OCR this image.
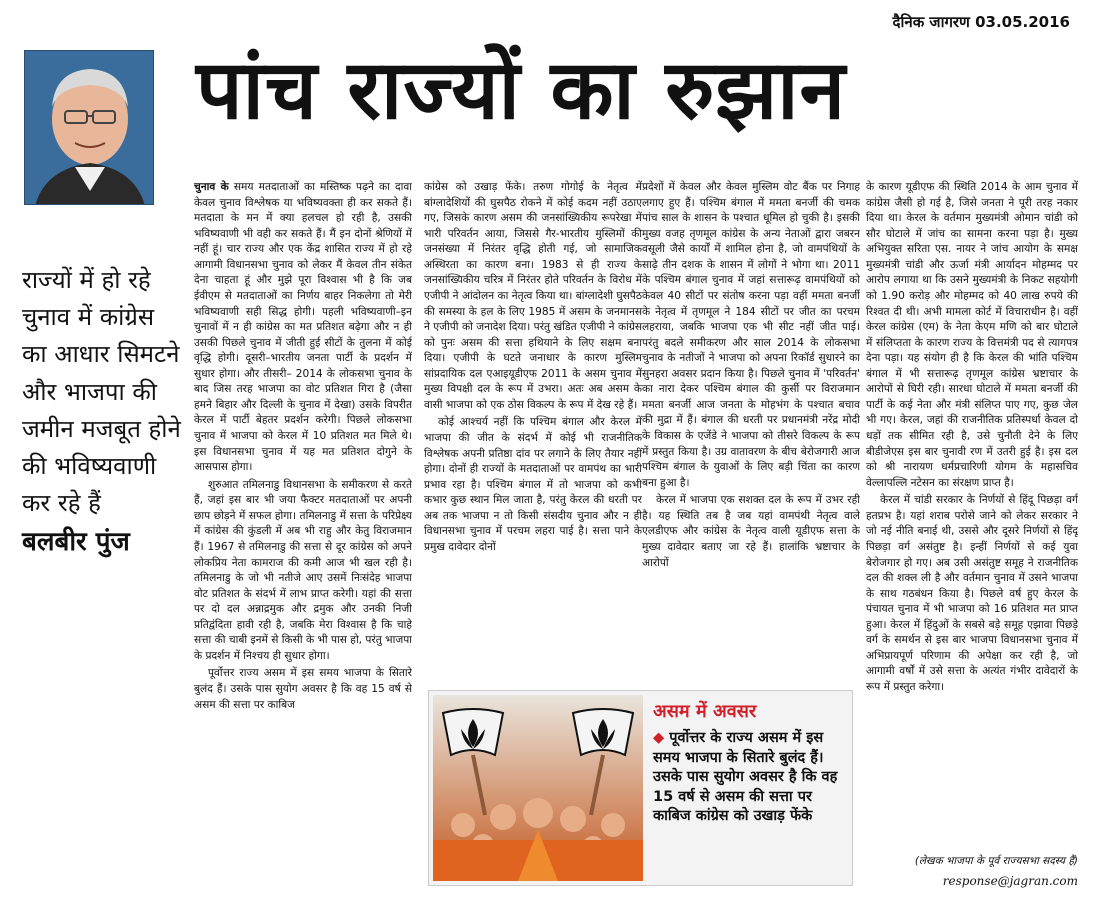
दैनिक जागरण 03.05.2016
पांच राज्यों का रुझान
राज्यों में हो रहे चुनाव में कांग्रेस का आधार सिमटने और भाजपा की जमीन मजबूत होने की भविष्यवाणी कर रहे हैं
बलबीर पुंज

चुनाव के समय मतदाताओं का मस्तिष्क पढ़ने का दावा केवल चुनाव विश्लेषक या भविष्यवक्ता ही कर सकते हैं। मतदाता के मन में क्या हलचल हो रही है, उसकी भविष्यवाणी भी वही कर सकते हैं। मैं इन दोनों श्रेणियों में नहीं हूं। चार राज्य और एक केंद्र शासित राज्य में हो रहे आगामी विधानसभा चुनाव को लेकर मैं केवल तीन संकेत देना चाहता हूं और मुझे पूरा विश्वास भी है कि जब ईवीएम से मतदाताओं का निर्णय बाहर निकलेगा तो मेरी भविष्यवाणी सही सिद्ध होगी। पहली भविष्यवाणी–इन चुनावों में न ही कांग्रेस का मत प्रतिशत बढ़ेगा और न ही उसकी पिछले चुनाव में जीती हुई सीटों के तुलना में कोई वृद्धि होगी। दूसरी–भारतीय जनता पार्टी के प्रदर्शन में सुधार होगा। और तीसरी– 2014 के लोकसभा चुनाव के बाद जिस तरह भाजपा का वोट प्रतिशत गिरा है (जैसा हमने बिहार और दिल्ली के चुनाव में देखा) उसके विपरीत केरल में पार्टी बेहतर प्रदर्शन करेगी। पिछले लोकसभा चुनाव में भाजपा को केरल में 10 प्रतिशत मत मिले थे। इस विधानसभा चुनाव में यह मत प्रतिशत दोगुने के आसपास होगा।

शुरुआत तमिलनाडु विधानसभा के समीकरण से करते हैं, जहां इस बार भी जया फैक्टर मतदाताओं पर अपनी छाप छोड़ने में सफल होगा। तमिलनाडु में सत्ता के परिप्रेक्ष्य में कांग्रेस की कुंडली में अब भी राहु और केतु विराजमान हैं। 1967 से तमिलनाडु की सत्ता से दूर कांग्रेस को अपने लोकप्रिय नेता कामराज की कमी आज भी खल रही है। तमिलनाडु के जो भी नतीजे आए उसमें निःसंदेह भाजपा वोट प्रतिशत के संदर्भ में लाभ प्राप्त करेगी। यहां की सत्ता पर दो दल अन्नाद्रमुक और द्रमुक और उनकी निजी प्रतिद्वंदिता हावी रही है, जबकि मेरा विश्वास है कि चाहे सत्ता की चाबी इनमें से किसी के भी पास हो, परंतु भाजपा के प्रदर्शन में निश्चय ही सुधार होगा।

पूर्वोत्तर राज्य असम में इस समय भाजपा के सितारे बुलंद हैं। उसके पास सुयोग अवसर है कि वह 15 वर्ष से असम की सत्ता पर काबिज

कांग्रेस को उखाड़ फेंके। तरुण गोगोई के नेतृत्व में बांग्लादेशियों की घुसपैठ रोकने में कोई कदम नहीं उठाए गए, जिसके कारण असम की जनसांख्यिकीय रूपरेखा में भारी परिवर्तन आया, जिससे गैर-भारतीय मुस्लिमों की जनसंख्या में निरंतर वृद्धि होती गई, जो सामाजिक अस्थिरता का कारण बना। 1983 से ही राज्य के जनसांख्यिकीय चरित्र में निरंतर होते परिवर्तन के विरोध में एजीपी ने आंदोलन का नेतृत्व किया था। बांग्लादेशी घुसपैठ की समस्या के हल के लिए 1985 में असम के जनमानस ने एजीपी को जनादेश दिया। परंतु खंडित एजीपी ने कांग्रेस को पुनः असम की सत्ता हथियाने के लिए सक्षम बना दिया। एजीपी के घटते जनाधार के कारण मुस्लिम सांप्रदायिक दल एआइयूडीएफ 2011 के असम चुनाव में मुख्य विपक्षी दल के रूप में उभरा। अतः अब असम के वासी भाजपा को एक ठोस विकल्प के रूप में देख रहे हैं।

कोई आश्चर्य नहीं कि पश्चिम बंगाल और केरल में भाजपा की जीत के संदर्भ में कोई भी राजनीतिक विश्लेषक अपनी प्रतिष्ठा दांव पर लगाने के लिए तैयार नहीं होगा। दोनों ही राज्यों के मतदाताओं पर वामपंथ का भारी प्रभाव रहा है। पश्चिम बंगाल में तो भाजपा को कभी कभार कुछ स्थान मिल जाता है, परंतु केरल की धरती पर अब तक भाजपा न तो किसी संसदीय चुनाव और न ही विधानसभा चुनाव में परचम लहरा पाई है। सत्ता पाने के प्रमुख दावेदार दोनों

प्रदेशों में केवल और केवल मुस्लिम वोट बैंक पर निगाह लगाए हुए हैं। पश्चिम बंगाल में ममता बनर्जी की चमक पांच साल के शासन के पश्चात धूमिल हो चुकी है। इसकी मुख्य वजह तृणमूल कांग्रेस के अन्य नेताओं द्वारा जबरन वसूली जैसे कार्यों में शामिल होना है, जो वामपंथियों के साढ़े तीन दशक के शासन में लोगों ने भोगा था। 2011 के पश्चिम बंगाल चुनाव में जहां सत्तारूढ़ वामपंथियों को केवल 40 सीटों पर संतोष करना पड़ा वहीं ममता बनर्जी के नेतृत्व में तृणमूल ने 184 सीटों पर जीत का परचम लहराया, जबकि भाजपा एक भी सीट नहीं जीत पाई। परंतु बदले समीकरण और साल 2014 के लोकसभा चुनाव के नतीजों ने भाजपा को अपना रिकॉर्ड सुधारने का सुनहरा अवसर प्रदान किया है। पिछले चुनाव में 'परिवर्तन' का नारा देकर पश्चिम बंगाल की कुर्सी पर विराजमान ममता बनर्जी आज जनता के मोहभंग के पश्चात बचाव की मुद्रा में हैं। बंगाल की धरती पर प्रधानमंत्री नरेंद्र मोदी के विकास के एजेंडे ने भाजपा को तीसरे विकल्प के रूप में प्रस्तुत किया है। उग्र वातावरण के बीच बेरोजगारी आज पश्चिम बंगाल के युवाओं के लिए बड़ी चिंता का कारण बना हुआ है।

केरल में भाजपा एक सशक्त दल के रूप में उभर रही है। यह स्थिति तब है जब यहां वामपंथी नेतृत्व वाले एलडीएफ और कांग्रेस के नेतृत्व वाली यूडीएफ सत्ता के मुख्य दावेदार बताए जा रहे हैं। हालांकि भ्रष्टाचार के आरोपों

के कारण यूडीएफ की स्थिति 2014 के आम चुनाव में कांग्रेस जैसी हो गई है, जिसे जनता ने पूरी तरह नकार दिया था। केरल के वर्तमान मुख्यमंत्री ओमान चांडी को सौर घोटाले में जांच का सामना करना पड़ा है। मुख्य अभियुक्त सरिता एस. नायर ने जांच आयोग के समक्ष मुख्यमंत्री चांडी और ऊर्जा मंत्री आर्यादन मोहम्मद पर आरोप लगाया था कि उसने मुख्यमंत्री के निकट सहयोगी को 1.90 करोड़ और मोहम्मद को 40 लाख रुपये की रिश्वत दी थी। अभी मामला कोर्ट में विचाराधीन है। वहीं केरल कांग्रेस (एम) के नेता केएम मणि को बार घोटाले में संलिप्तता के कारण राज्य के वित्तमंत्री पद से त्यागपत्र देना पड़ा। यह संयोग ही है कि केरल की भांति पश्चिम बंगाल में भी सत्तारूढ़ तृणमूल कांग्रेस भ्रष्टाचार के आरोपों से घिरी रही। सारधा घोटाले में ममता बनर्जी की पार्टी के कई नेता और मंत्री संलिप्त पाए गए, कुछ जेल भी गए। केरल, जहां की राजनीतिक प्रतिस्पर्धा केवल दो धड़ों तक सीमित रही है, उसे चुनौती देने के लिए बीडीजेएस इस बार चुनावी रण में उतरी हुई है। इस दल को श्री नारायण धर्मप्रचारिणी योगम के महासचिव वेल्लापल्लि नटेसन का संरक्षण प्राप्त है।

केरल में चांडी सरकार के निर्णयों से हिंदू पिछड़ा वर्ग हतप्रभ है। यहां शराब परोसे जाने को लेकर सरकार ने जो नई नीति बनाई थी, उससे और दूसरे निर्णयों से हिंदू पिछड़ा वर्ग असंतुष्ट है। इन्हीं निर्णयों से कई युवा बेरोजगार हो गए। अब उसी असंतुष्ट समूह ने राजनीतिक दल की शक्ल ली है और वर्तमान चुनाव में उसने भाजपा के साथ गठबंधन किया है। पिछले वर्ष हुए केरल के पंचायत चुनाव में भी भाजपा को 16 प्रतिशत मत प्राप्त हुआ। केरल में हिंदुओं के सबसे बड़े समूह एझावा पिछड़े वर्ग के समर्थन से इस बार भाजपा विधानसभा चुनाव में अभिप्रायपूर्ण परिणाम की अपेक्षा कर रही है, जो आगामी वर्षों में उसे सत्ता के अत्यंत गंभीर दावेदारों के रूप में प्रस्तुत करेगा।

असम में अवसर
◆ पूर्वोत्तर के राज्य असम में इस समय भाजपा के सितारे बुलंद हैं। उसके पास सुयोग अवसर है कि वह 15 वर्ष से असम की सत्ता पर काबिज कांग्रेस को उखाड़ फेंके
(लेखक भाजपा के पूर्व राज्यसभा सदस्य हैं)
response@jagran.com
